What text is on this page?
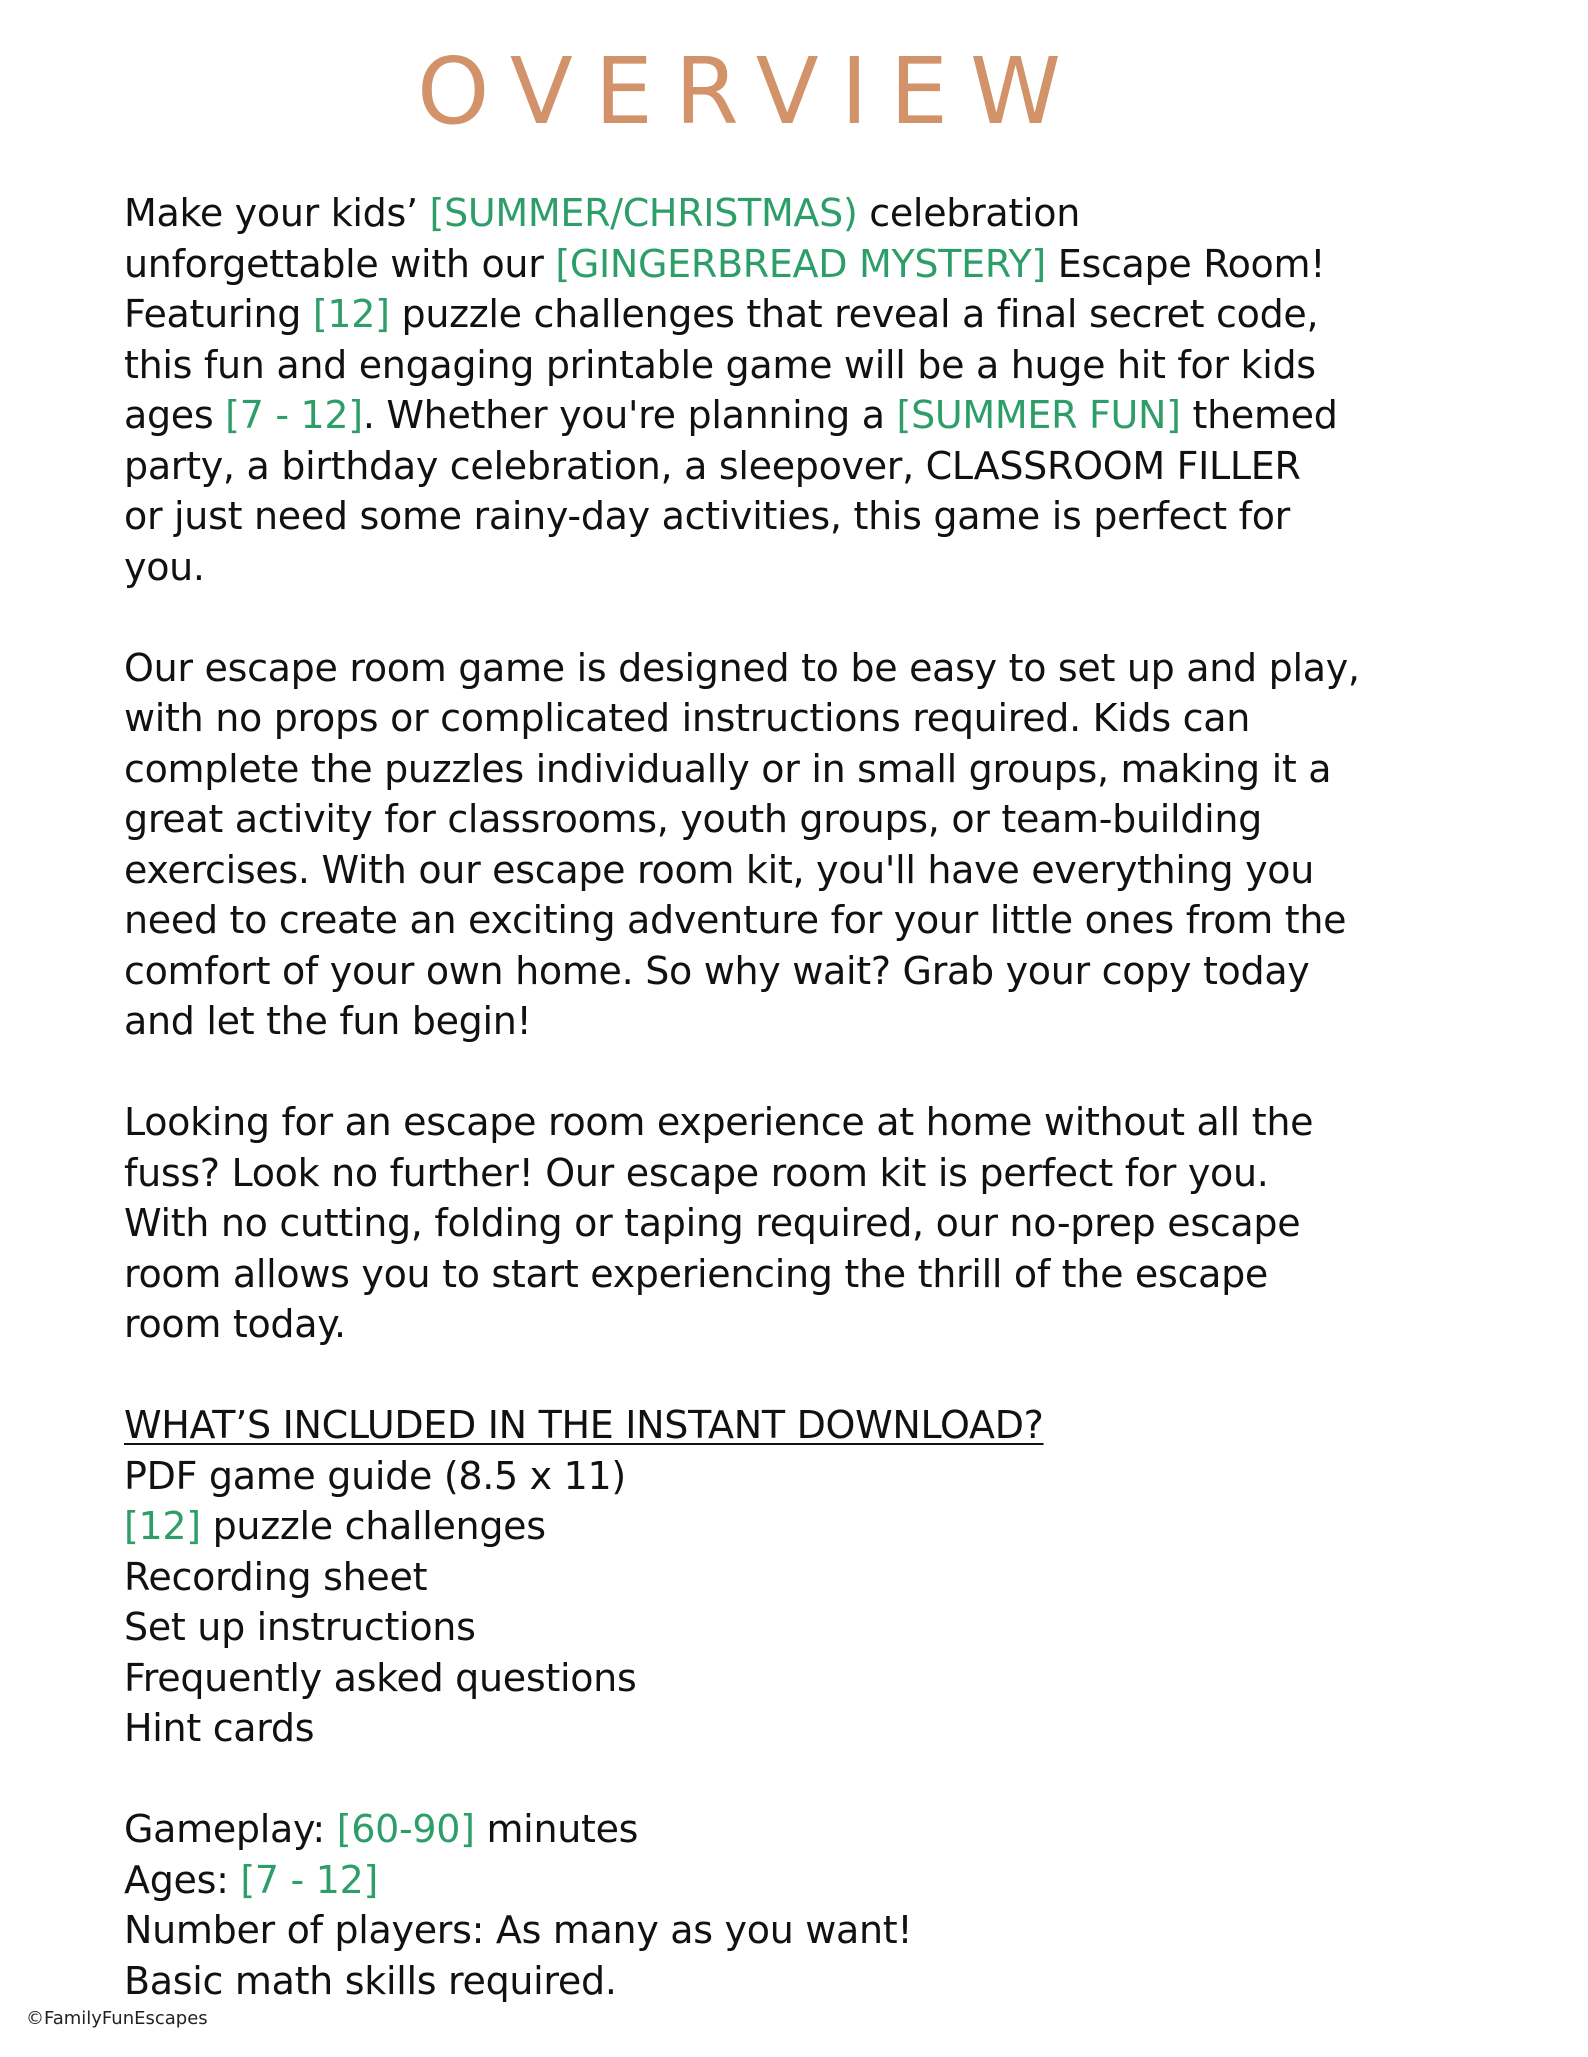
OVERVIEW
Make your kids’ [SUMMER/CHRISTMAS) celebration
unforgettable with our [GINGERBREAD MYSTERY] Escape Room!
Featuring [12] puzzle challenges that reveal a final secret code,
this fun and engaging printable game will be a huge hit for kids
ages [7 - 12]. Whether you're planning a [SUMMER FUN] themed
party, a birthday celebration, a sleepover, CLASSROOM FILLER
or just need some rainy-day activities, this game is perfect for
you.
Our escape room game is designed to be easy to set up and play,
with no props or complicated instructions required. Kids can
complete the puzzles individually or in small groups, making it a
great activity for classrooms, youth groups, or team-building
exercises. With our escape room kit, you'll have everything you
need to create an exciting adventure for your little ones from the
comfort of your own home. So why wait? Grab your copy today
and let the fun begin!
Looking for an escape room experience at home without all the
fuss? Look no further! Our escape room kit is perfect for you.
With no cutting, folding or taping required, our no-prep escape
room allows you to start experiencing the thrill of the escape
room today.
WHAT’S INCLUDED IN THE INSTANT DOWNLOAD?
PDF game guide (8.5 x 11)
[12] puzzle challenges
Recording sheet
Set up instructions
Frequently asked questions
Hint cards
Gameplay: [60-90] minutes
Ages: [7 - 12]
Number of players: As many as you want!
Basic math skills required.
©FamilyFunEscapes
